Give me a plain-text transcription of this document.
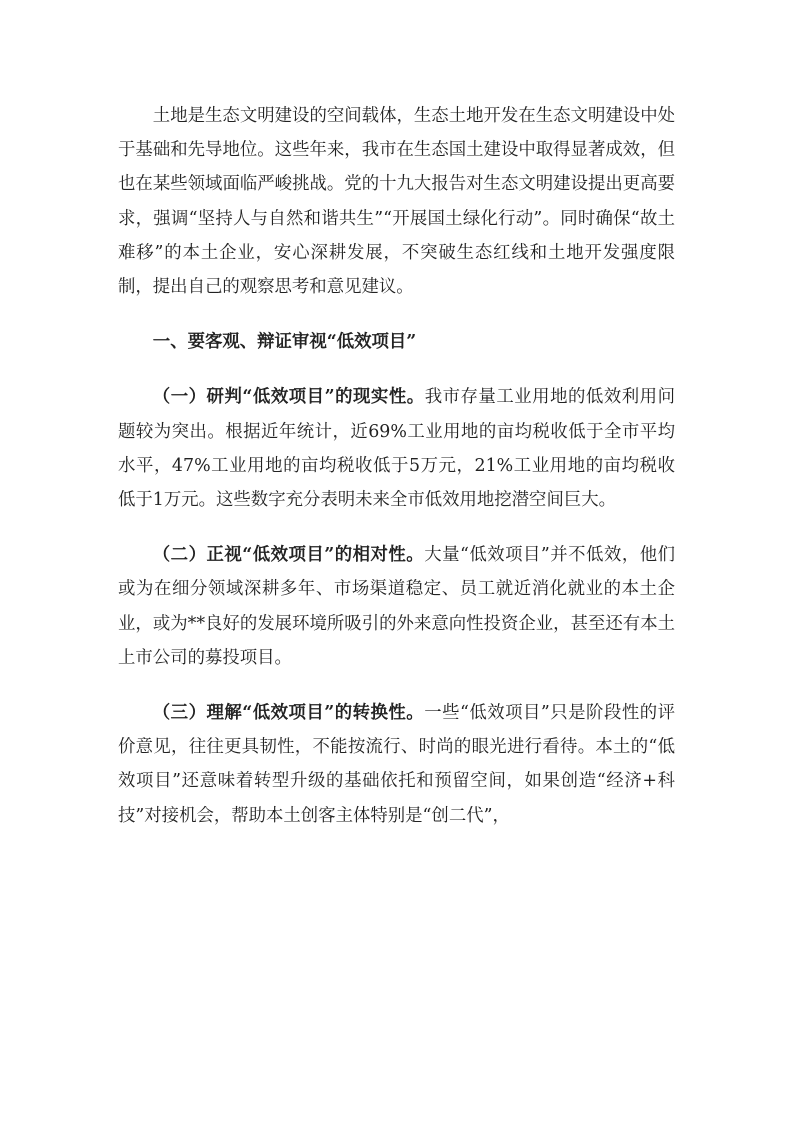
土地是生态文明建设的空间载体，生态土地开发在生态文明建设中处于基础和先导地位。这些年来，我市在生态国土建设中取得显著成效，但也在某些领域面临严峻挑战。党的十九大报告对生态文明建设提出更高要求，强调“坚持人与自然和谐共生”“开展国土绿化行动”。同时确保“故土难移”的本土企业，安心深耕发展，不突破生态红线和土地开发强度限制，提出自己的观察思考和意见建议。

一、要客观、辩证审视“低效项目”

（一）研判“低效项目”的现实性。我市存量工业用地的低效利用问题较为突出。根据近年统计，近69%工业用地的亩均税收低于全市平均水平，47%工业用地的亩均税收低于5万元，21%工业用地的亩均税收低于1万元。这些数字充分表明未来全市低效用地挖潜空间巨大。

（二）正视“低效项目”的相对性。大量“低效项目”并不低效，他们或为在细分领域深耕多年、市场渠道稳定、员工就近消化就业的本土企业，或为**良好的发展环境所吸引的外来意向性投资企业，甚至还有本土上市公司的募投项目。

（三）理解“低效项目”的转换性。一些“低效项目”只是阶段性的评价意见，往往更具韧性，不能按流行、时尚的眼光进行看待。本土的“低效项目”还意味着转型升级的基础依托和预留空间，如果创造“经济+科技”对接机会，帮助本土创客主体特别是“创二代”，
